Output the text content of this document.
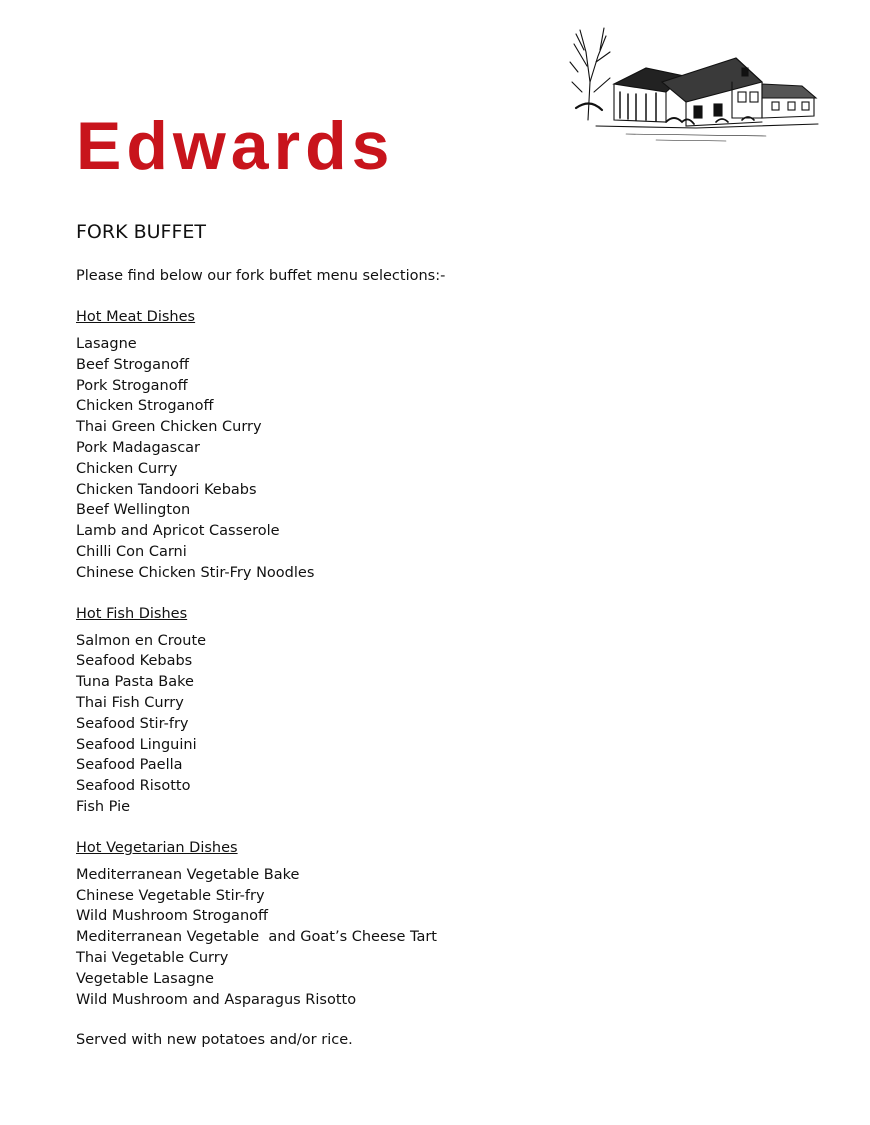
Edwards
FORK BUFFET

Please find below our fork buffet menu selections:-

Hot Meat Dishes
Lasagne
Beef Stroganoff
Pork Stroganoff
Chicken Stroganoff
Thai Green Chicken Curry
Pork Madagascar
Chicken Curry
Chicken Tandoori Kebabs
Beef Wellington
Lamb and Apricot Casserole
Chilli Con Carni
Chinese Chicken Stir-Fry Noodles
Hot Fish Dishes
Salmon en Croute
Seafood Kebabs
Tuna Pasta Bake
Thai Fish Curry
Seafood Stir-fry
Seafood Linguini
Seafood Paella
Seafood Risotto
Fish Pie
Hot Vegetarian Dishes
Mediterranean Vegetable Bake
Chinese Vegetable Stir-fry
Wild Mushroom Stroganoff
Mediterranean Vegetable  and Goat’s Cheese Tart
Thai Vegetable Curry
Vegetable Lasagne
Wild Mushroom and Asparagus Risotto

Served with new potatoes and/or rice.
